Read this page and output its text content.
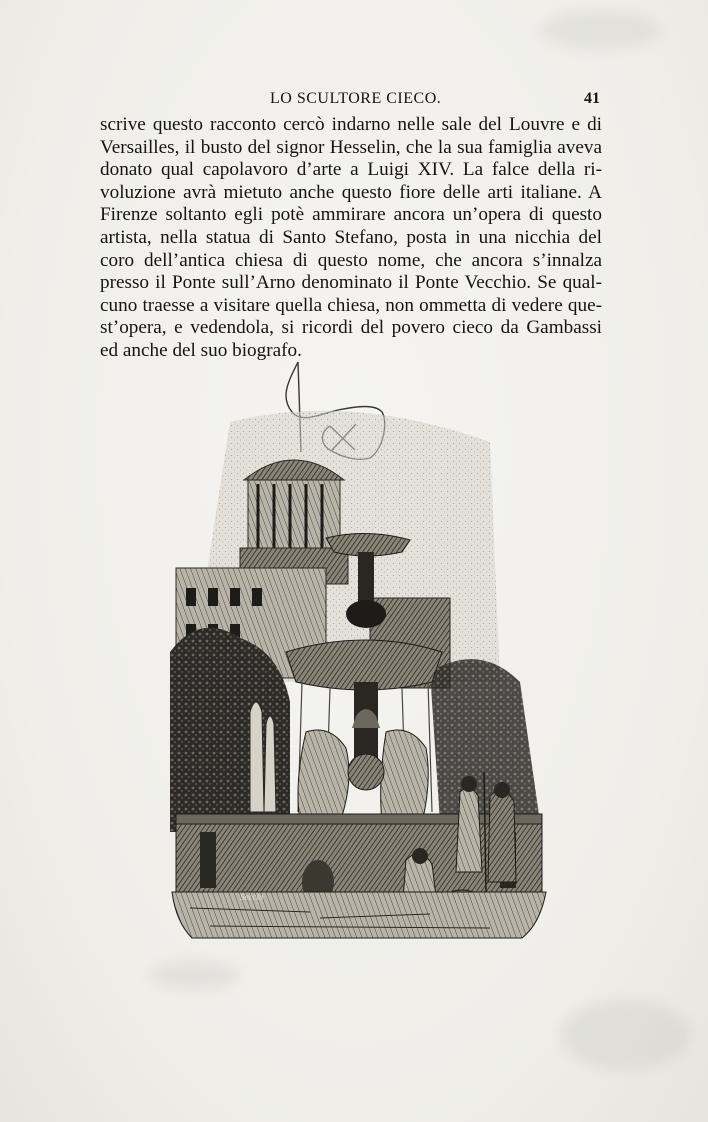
LO SCULTORE CIECO.	41

scrive questo racconto cercò indarno nelle sale del Louvre e di
Versailles, il busto del signor Hesselin, che la sua famiglia aveva
donato qual capolavoro d’arte a Luigi XIV. La falce della ri-
voluzione avrà mietuto anche questo fiore delle arti italiane. A
Firenze soltanto egli potè ammirare ancora un’opera di questo
artista, nella statua di Santo Stefano, posta in una nicchia del
coro dell’antica chiesa di questo nome, che ancora s’innalza
presso il Ponte sull’Arno denominato il Ponte Vecchio. Se qual-
cuno traesse a visitare quella chiesa, non ommetta di vedere que-
st’opera, e vedendola, si ricordi del povero cieco da Gambassi
ed anche del suo biografo.

Secchi
